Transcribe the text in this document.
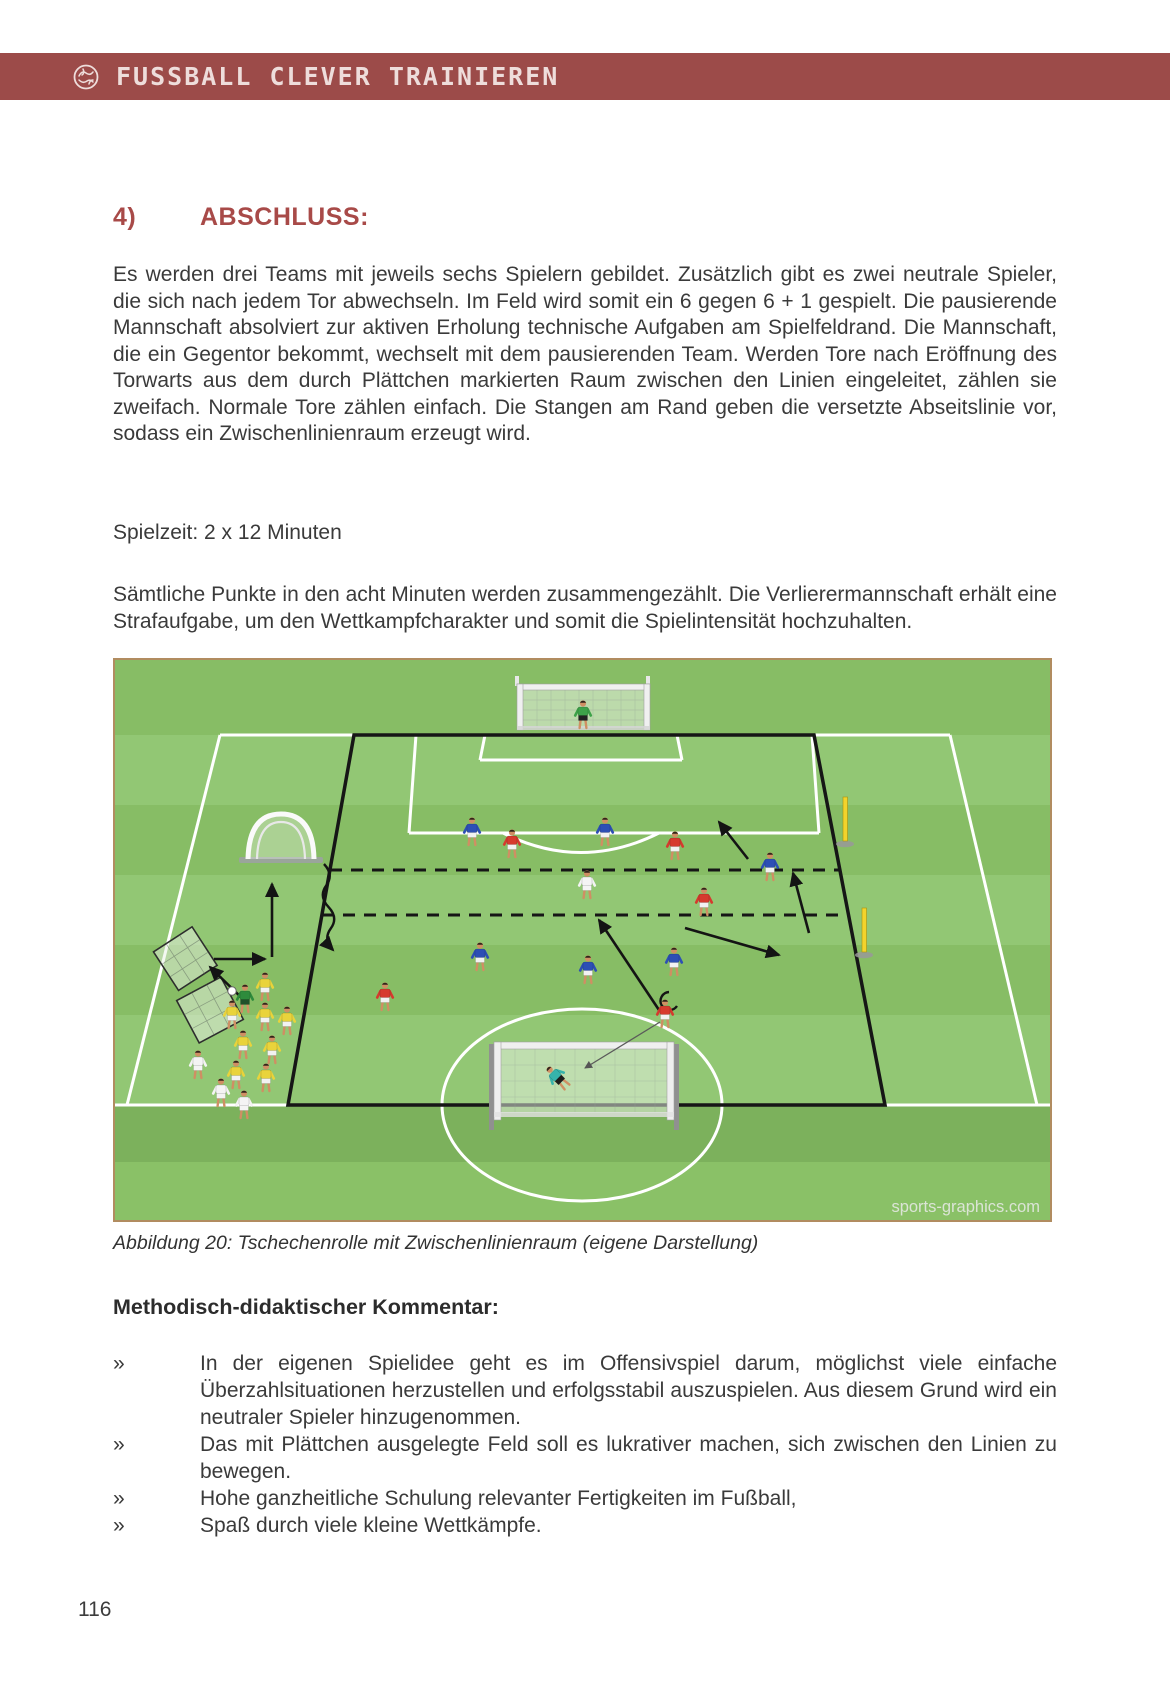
FUSSBALL CLEVER TRAINIEREN
4)	ABSCHLUSS:

Es werden drei Teams mit jeweils sechs Spielern gebildet. Zusätzlich gibt es zwei neutrale Spieler, die sich nach jedem Tor abwechseln. Im Feld wird somit ein 6 gegen 6 + 1 gespielt. Die pausierende Mannschaft absolviert zur aktiven Erholung technische Aufgaben am Spielfeldrand. Die Mannschaft, die ein Gegentor bekommt, wechselt mit dem pausierenden Team. Werden Tore nach Eröffnung des Torwarts aus dem durch Plättchen markierten Raum zwischen den Linien eingeleitet, zählen sie zweifach. Normale Tore zählen einfach. Die Stangen am Rand geben die versetzte Abseitslinie vor, sodass ein Zwischenlinienraum erzeugt wird.

Spielzeit: 2 x 12 Minuten

Sämtliche Punkte in den acht Minuten werden zusammengezählt. Die Verlierermannschaft erhält eine Strafaufgabe, um den Wettkampfcharakter und somit die Spielintensität hochzuhalten.

sports-graphics.com
Abbildung 20: Tschechenrolle mit Zwischenlinienraum (eigene Darstellung)
Methodisch-didaktischer Kommentar:
»	In der eigenen Spielidee geht es im Offensivspiel darum, möglichst viele einfache Überzahlsituationen herzustellen und erfolgsstabil auszuspielen. Aus diesem Grund wird ein neutraler Spieler hinzugenommen.
»	Das mit Plättchen ausgelegte Feld soll es lukrativer machen, sich zwischen den Linien zu bewegen.
»	Hohe ganzheitliche Schulung relevanter Fertigkeiten im Fußball,
»	Spaß durch viele kleine Wettkämpfe.
116
